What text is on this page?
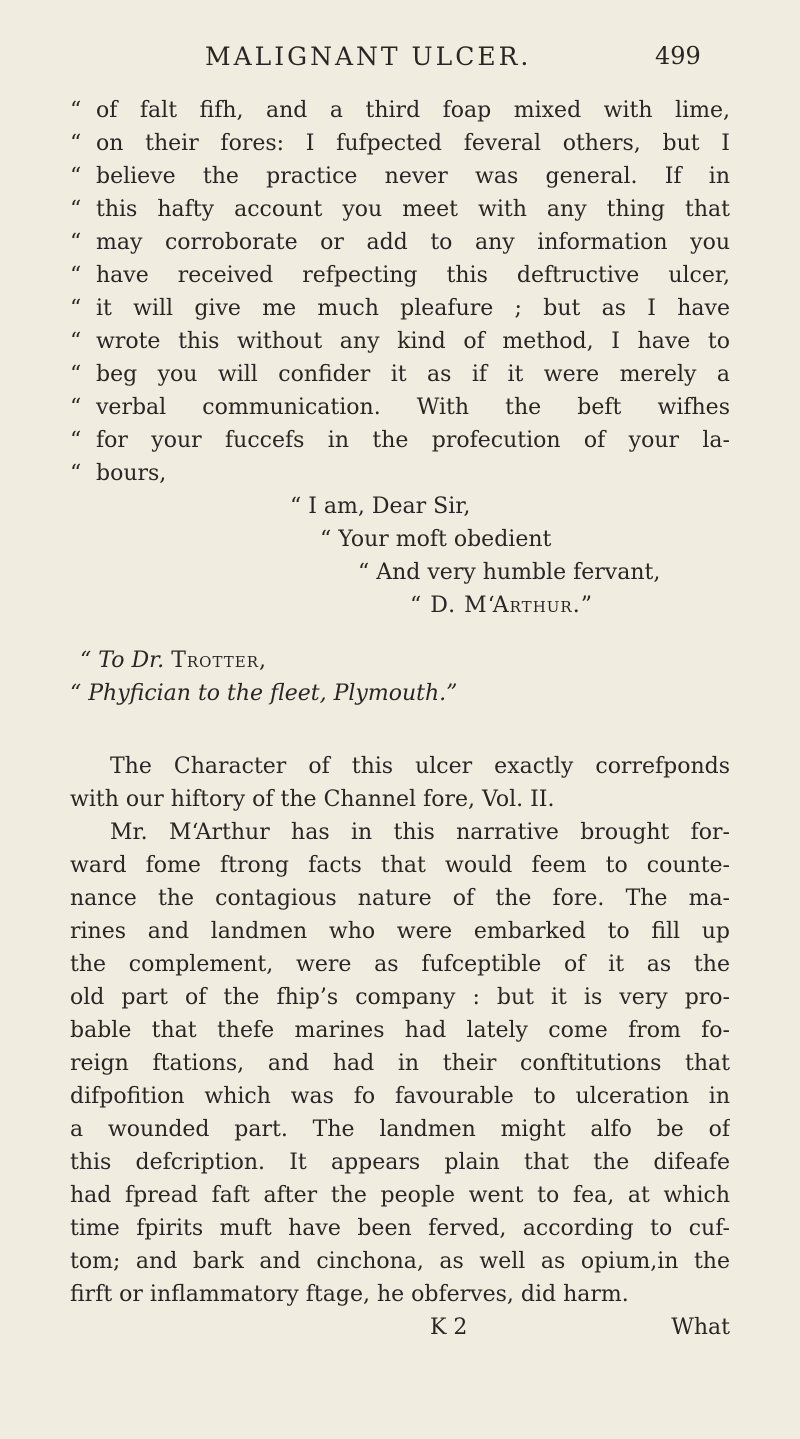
MALIGNANT ULCER.	499
“ of falt fifh, and a third foap mixed with lime,
“ on their fores: I fufpected feveral others, but I
“ believe the practice never was general. If in
“ this hafty account you meet with any thing that
“ may corroborate or add to any information you
“ have received refpecting this deftructive ulcer,
“ it will give me much pleafure ; but as I have
“ wrote this without any kind of method, I have to
“ beg you will confider it as if it were merely a
“ verbal communication. With the beft wifhes
“ for your fuccefs in the profecution of your la-
“ bours,
“ I am, Dear Sir,
“ Your moft obedient
“ And very humble fervant,
“ D. M‘Arthur.”
“ To Dr. Trotter,
“ Phyfician to the fleet, Plymouth.”
The Character of this ulcer exactly correfponds
with our hiftory of the Channel fore, Vol. II.
Mr. M‘Arthur has in this narrative brought for-
ward fome ftrong facts that would feem to counte-
nance the contagious nature of the fore. The ma-
rines and landmen who were embarked to fill up
the complement, were as fufceptible of it as the
old part of the fhip’s company : but it is very pro-
bable that thefe marines had lately come from fo-
reign ftations, and had in their conftitutions that
difpofition which was fo favourable to ulceration in
a wounded part. The landmen might alfo be of
this defcription. It appears plain that the difeafe
had fpread faft after the people went to fea, at which
time fpirits muft have been ferved, according to cuf-
tom; and bark and cinchona, as well as opium,in the
firft or inflammatory ftage, he obferves, did harm.
K 2	What
